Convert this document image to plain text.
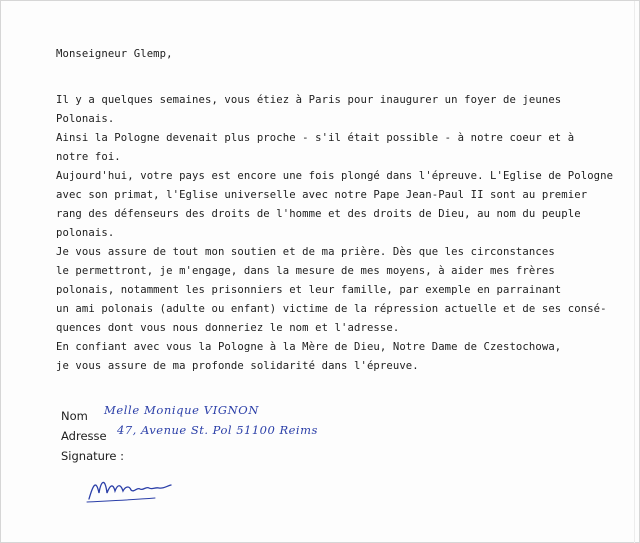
Monseigneur Glemp,

Il y a quelques semaines, vous étiez à Paris pour inaugurer un foyer de jeunes
Polonais.
Ainsi la Pologne devenait plus proche - s'il était possible - à notre coeur et à
notre foi.
Aujourd'hui, votre pays est encore une fois plongé dans l'épreuve. L'Eglise de Pologne
avec son primat, l'Eglise universelle avec notre Pape Jean-Paul II sont au premier
rang des défenseurs des droits de l'homme et des droits de Dieu, au nom du peuple
polonais.
Je vous assure de tout mon soutien et de ma prière. Dès que les circonstances
le permettront, je m'engage, dans la mesure de mes moyens, à aider mes frères
polonais, notamment les prisonniers et leur famille, par exemple en parrainant
un ami polonais (adulte ou enfant) victime de la répression actuelle et de ses consé-
quences dont vous nous donneriez le nom et l'adresse.
En confiant avec vous la Pologne à la Mère de Dieu, Notre Dame de Czestochowa,
je vous assure de ma profonde solidarité dans l'épreuve.
Nom Melle Monique VIGNON
Adresse 47, Avenue St. Pol 51100 Reims
Signature :
